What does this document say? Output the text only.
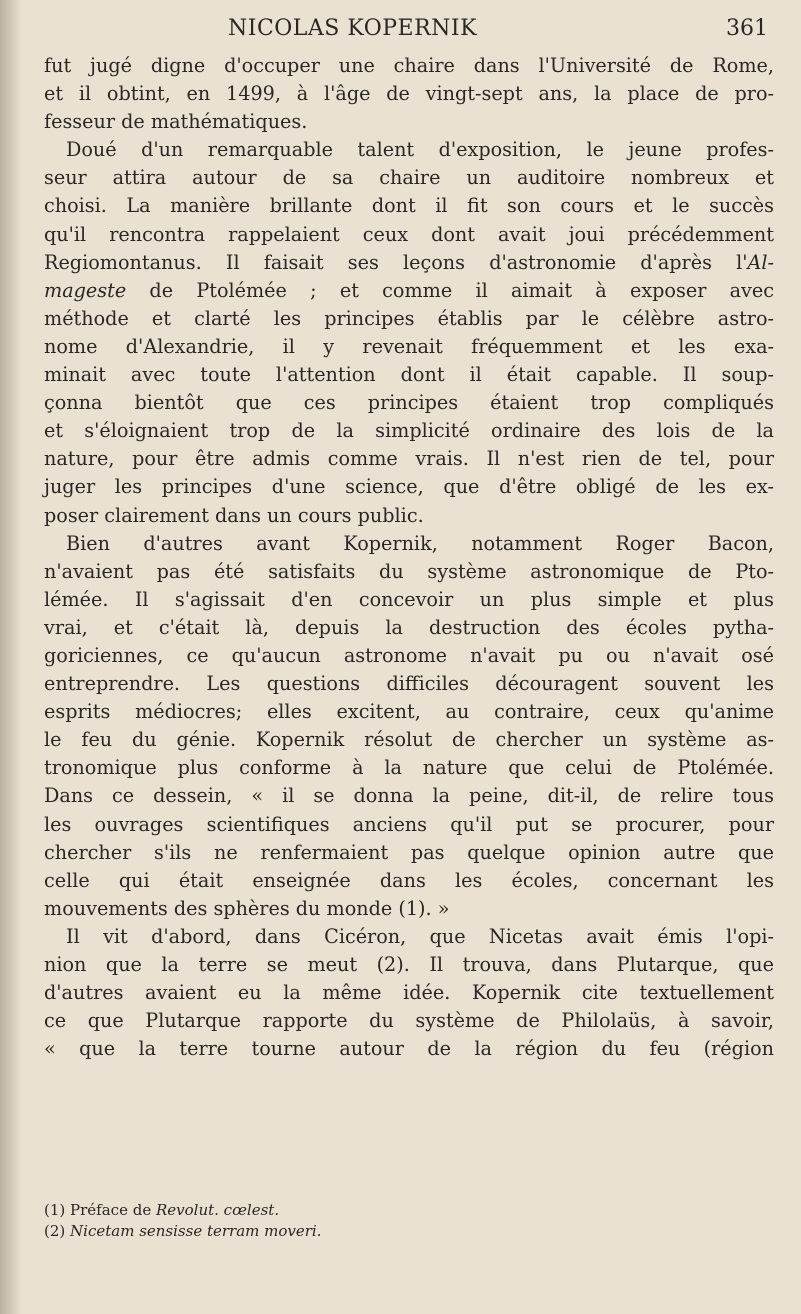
NICOLAS KOPERNIK	361
fut jugé digne d'occuper une chaire dans l'Université de Rome,
et il obtint, en 1499, à l'âge de vingt-sept ans, la place de pro-
fesseur de mathématiques.
Doué d'un remarquable talent d'exposition, le jeune profes-
seur attira autour de sa chaire un auditoire nombreux et
choisi. La manière brillante dont il fit son cours et le succès
qu'il rencontra rappelaient ceux dont avait joui précédemment
Regiomontanus. Il faisait ses leçons d'astronomie d'après l'Al-
mageste de Ptolémée ; et comme il aimait à exposer avec
méthode et clarté les principes établis par le célèbre astro-
nome d'Alexandrie, il y revenait fréquemment et les exa-
minait avec toute l'attention dont il était capable. Il soup-
çonna bientôt que ces principes étaient trop compliqués
et s'éloignaient trop de la simplicité ordinaire des lois de la
nature, pour être admis comme vrais. Il n'est rien de tel, pour
juger les principes d'une science, que d'être obligé de les ex-
poser clairement dans un cours public.
Bien d'autres avant Kopernik, notamment Roger Bacon,
n'avaient pas été satisfaits du système astronomique de Pto-
lémée. Il s'agissait d'en concevoir un plus simple et plus
vrai, et c'était là, depuis la destruction des écoles pytha-
goriciennes, ce qu'aucun astronome n'avait pu ou n'avait osé
entreprendre. Les questions difficiles découragent souvent les
esprits médiocres; elles excitent, au contraire, ceux qu'anime
le feu du génie. Kopernik résolut de chercher un système as-
tronomique plus conforme à la nature que celui de Ptolémée.
Dans ce dessein, « il se donna la peine, dit-il, de relire tous
les ouvrages scientifiques anciens qu'il put se procurer, pour
chercher s'ils ne renfermaient pas quelque opinion autre que
celle qui était enseignée dans les écoles, concernant les
mouvements des sphères du monde (1). »
Il vit d'abord, dans Cicéron, que Nicetas avait émis l'opi-
nion que la terre se meut (2). Il trouva, dans Plutarque, que
d'autres avaient eu la même idée. Kopernik cite textuellement
ce que Plutarque rapporte du système de Philolaüs, à savoir,
« que la terre tourne autour de la région du feu (région
(1) Préface de Revolut. cœlest.
(2) Nicetam sensisse terram moveri.
